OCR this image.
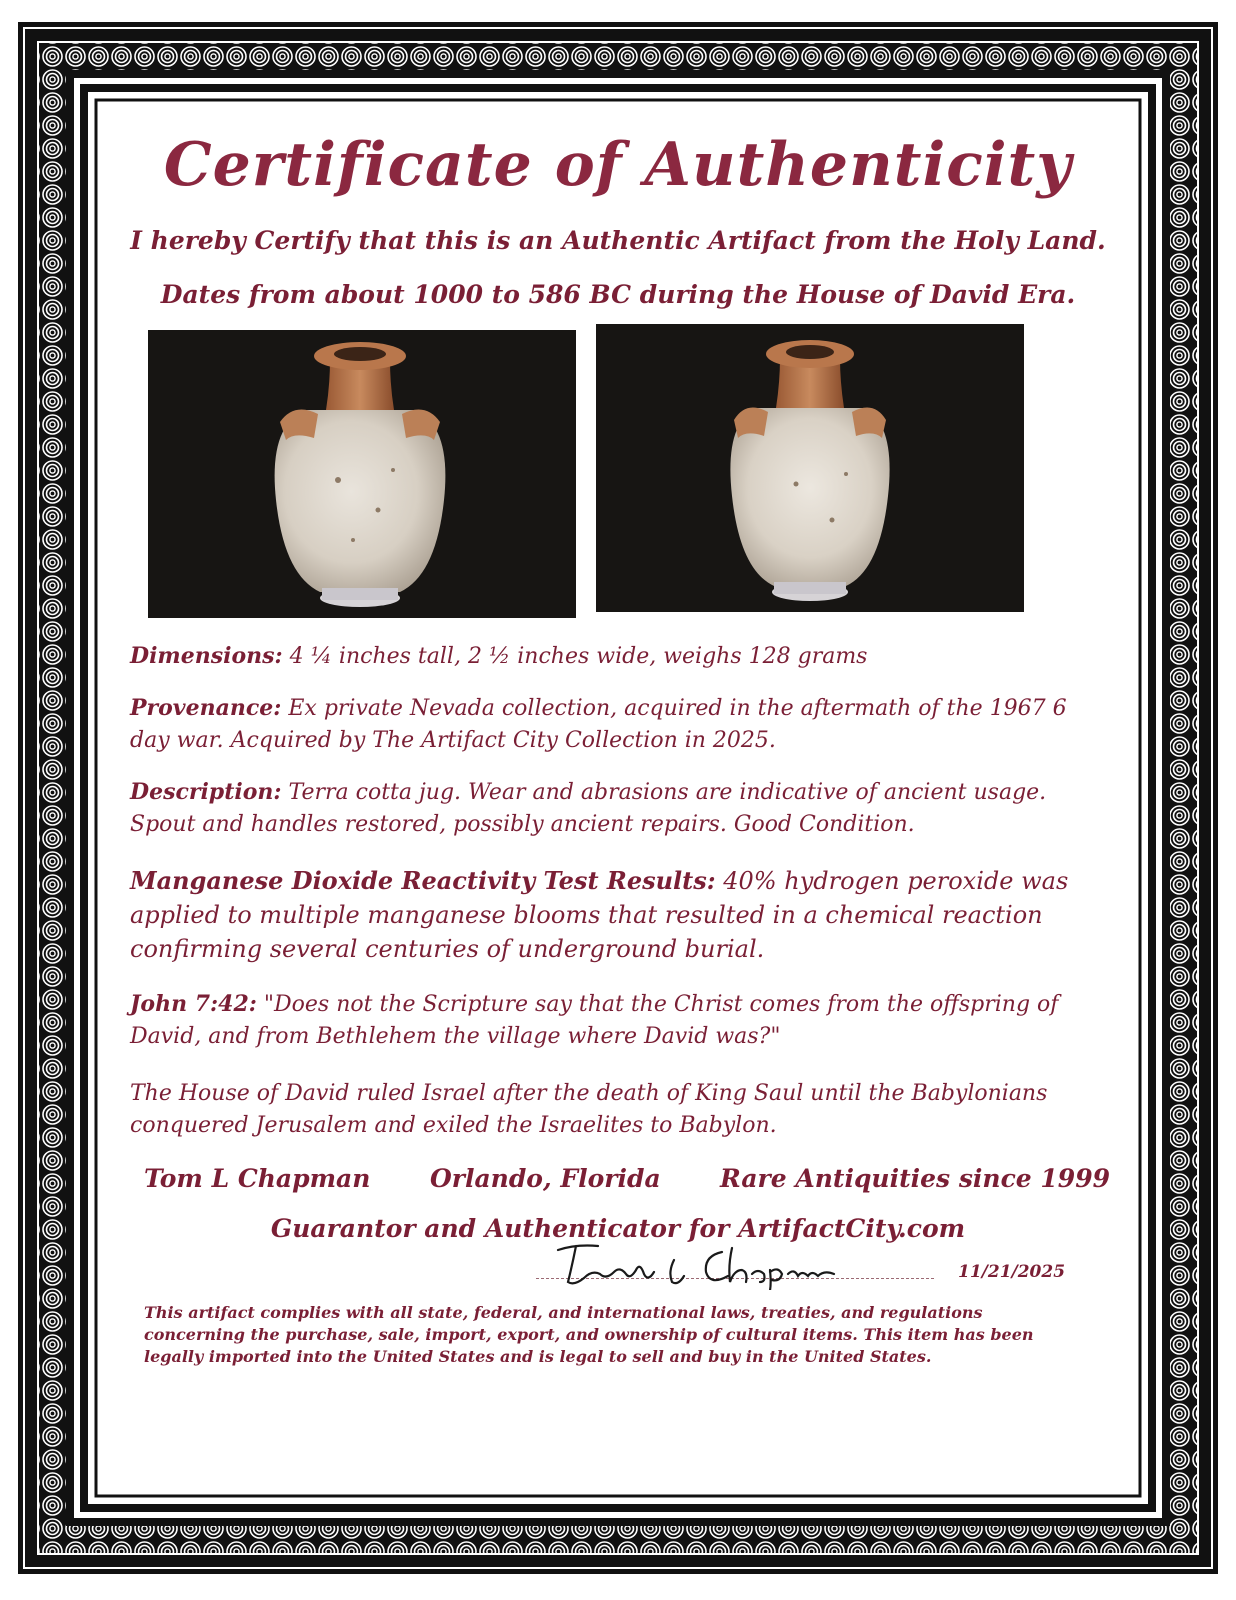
Certificate of Authenticity
I hereby Certify that this is an Authentic Artifact from the Holy Land.
Dates from about 1000 to 586 BC during the House of David Era.
Dimensions: 4 ¼ inches tall, 2 ½ inches wide, weighs 128 grams
Provenance: Ex private Nevada collection, acquired in the aftermath of the 1967 6 day war. Acquired by The Artifact City Collection in 2025.
Description: Terra cotta jug. Wear and abrasions are indicative of ancient usage. Spout and handles restored, possibly ancient repairs. Good Condition.
Manganese Dioxide Reactivity Test Results: 40% hydrogen peroxide was applied to multiple manganese blooms that resulted in a chemical reaction confirming several centuries of underground burial.
John 7:42: "Does not the Scripture say that the Christ comes from the offspring of David, and from Bethlehem the village where David was?"
The House of David ruled Israel after the death of King Saul until the Babylonians conquered Jerusalem and exiled the Israelites to Babylon.
Tom L Chapman Orlando, Florida Rare Antiquities since 1999
Guarantor and Authenticator for ArtifactCity.com
11/21/2025
This artifact complies with all state, federal, and international laws, treaties, and regulations concerning the purchase, sale, import, export, and ownership of cultural items. This item has been legally imported into the United States and is legal to sell and buy in the United States.
